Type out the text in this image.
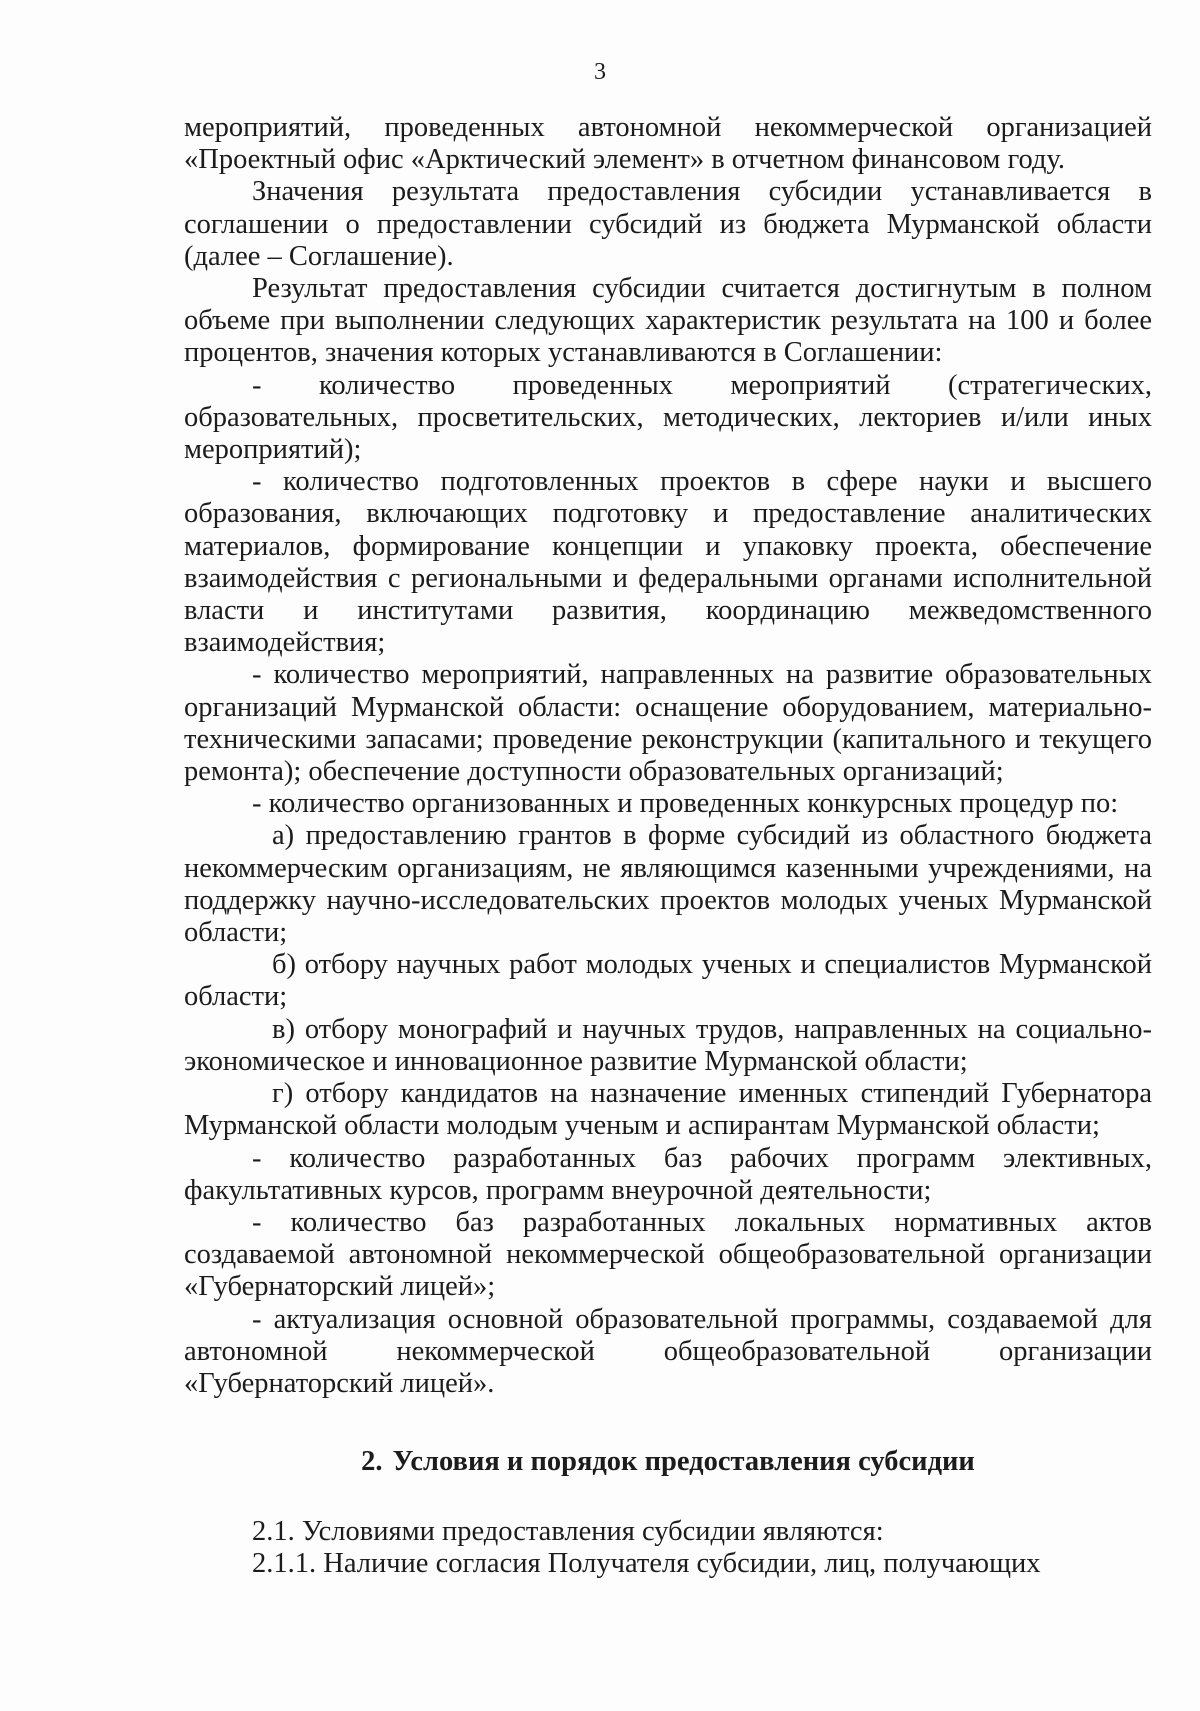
3

мероприятий, проведенных автономной некоммерческой организацией «Проектный офис «Арктический элемент» в отчетном финансовом году.

Значения результата предоставления субсидии устанавливается в соглашении о предоставлении субсидий из бюджета Мурманской области (далее – Соглашение).

Результат предоставления субсидии считается достигнутым в полном объеме при выполнении следующих характеристик результата на 100 и более процентов, значения которых устанавливаются в Соглашении:

- количество проведенных мероприятий (стратегических, образовательных, просветительских, методических, лекториев и/или иных мероприятий);

- количество подготовленных проектов в сфере науки и высшего образования, включающих подготовку и предоставление аналитических материалов, формирование концепции и упаковку проекта, обеспечение взаимодействия с региональными и федеральными органами исполнительной власти и институтами развития, координацию межведомственного взаимодействия;

- количество мероприятий, направленных на развитие образовательных организаций Мурманской области: оснащение оборудованием, материально-техническими запасами; проведение реконструкции (капитального и текущего ремонта); обеспечение доступности образовательных организаций;

- количество организованных и проведенных конкурсных процедур по:

а) предоставлению грантов в форме субсидий из областного бюджета некоммерческим организациям, не являющимся казенными учреждениями, на поддержку научно-исследовательских проектов молодых ученых Мурманской области;

б) отбору научных работ молодых ученых и специалистов Мурманской области;

в) отбору монографий и научных трудов, направленных на социально-экономическое и инновационное развитие Мурманской области;

г) отбору кандидатов на назначение именных стипендий Губернатора Мурманской области молодым ученым и аспирантам Мурманской области;

- количество разработанных баз рабочих программ элективных, факультативных курсов, программ внеурочной деятельности;

- количество баз разработанных локальных нормативных актов создаваемой автономной некоммерческой общеобразовательной организации «Губернаторский лицей»;

- актуализация основной образовательной программы, создаваемой для автономной некоммерческой общеобразовательной организации «Губернаторский лицей».

2. Условия и порядок предоставления субсидии

2.1. Условиями предоставления субсидии являются:

2.1.1. Наличие согласия Получателя субсидии, лиц, получающих
